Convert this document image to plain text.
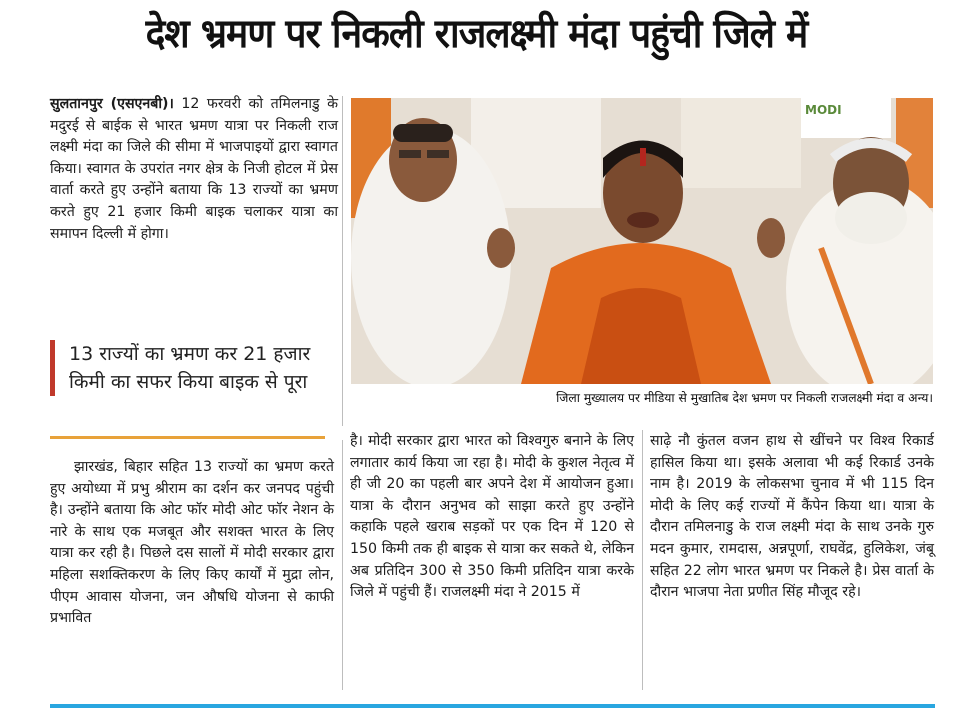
देश भ्रमण पर निकली राजलक्ष्मी मंदा पहुंची जिले में

सुलतानपुर (एसएनबी)। 12 फरवरी को तमिलनाडु के मदुरई से बाईक से भारत भ्रमण यात्रा पर निकली राज लक्ष्मी मंदा का जिले की सीमा में भाजपाइयों द्वारा स्वागत किया। स्वागत के उपरांत नगर क्षेत्र के निजी होटल में प्रेस वार्ता करते हुए उन्होंने बताया कि 13 राज्यों का भ्रमण करते हुए 21 हजार किमी बाइक चलाकर यात्रा का समापन दिल्ली में होगा।

13 राज्यों का भ्रमण कर 21 हजार किमी का सफर किया बाइक से पूरा
MODI
जिला मुख्यालय पर मीडिया से मुखातिब देश भ्रमण पर निकली राजलक्ष्मी मंदा व अन्य।
झारखंड, बिहार सहित 13 राज्यों का भ्रमण करते हुए अयोध्या में प्रभु श्रीराम का दर्शन कर जनपद पहुंची है। उन्होंने बताया कि ओट फॉर मोदी ओट फॉर नेशन के नारे के साथ एक मजबूत और सशक्त भारत के लिए यात्रा कर रही है। पिछले दस सालों में मोदी सरकार द्वारा महिला सशक्तिकरण के लिए किए कार्यों में मुद्रा लोन, पीएम आवास योजना, जन औषधि योजना से काफी प्रभावित
है। मोदी सरकार द्वारा भारत को विश्वगुरु बनाने के लिए लगातार कार्य किया जा रहा है। मोदी के कुशल नेतृत्व में ही जी 20 का पहली बार अपने देश में आयोजन हुआ। यात्रा के दौरान अनुभव को साझा करते हुए उन्होंने कहाकि पहले खराब सड़कों पर एक दिन में 120 से 150 किमी तक ही बाइक से यात्रा कर सकते थे, लेकिन अब प्रतिदिन 300 से 350 किमी प्रतिदिन यात्रा करके जिले में पहुंची हैं। राजलक्ष्मी मंदा ने 2015 में
साढ़े नौ कुंतल वजन हाथ से खींचने पर विश्व रिकार्ड हासिल किया था। इसके अलावा भी कई रिकार्ड उनके नाम है। 2019 के लोकसभा चुनाव में भी 115 दिन मोदी के लिए कई राज्यों में कैंपेन किया था। यात्रा के दौरान तमिलनाडु के राज लक्ष्मी मंदा के साथ उनके गुरु मदन कुमार, रामदास, अन्नपूर्णा, राघवेंद्र, हुलिकेश, जंबू सहित 22 लोग भारत भ्रमण पर निकले है। प्रेस वार्ता के दौरान भाजपा नेता प्रणीत सिंह मौजूद रहे।
